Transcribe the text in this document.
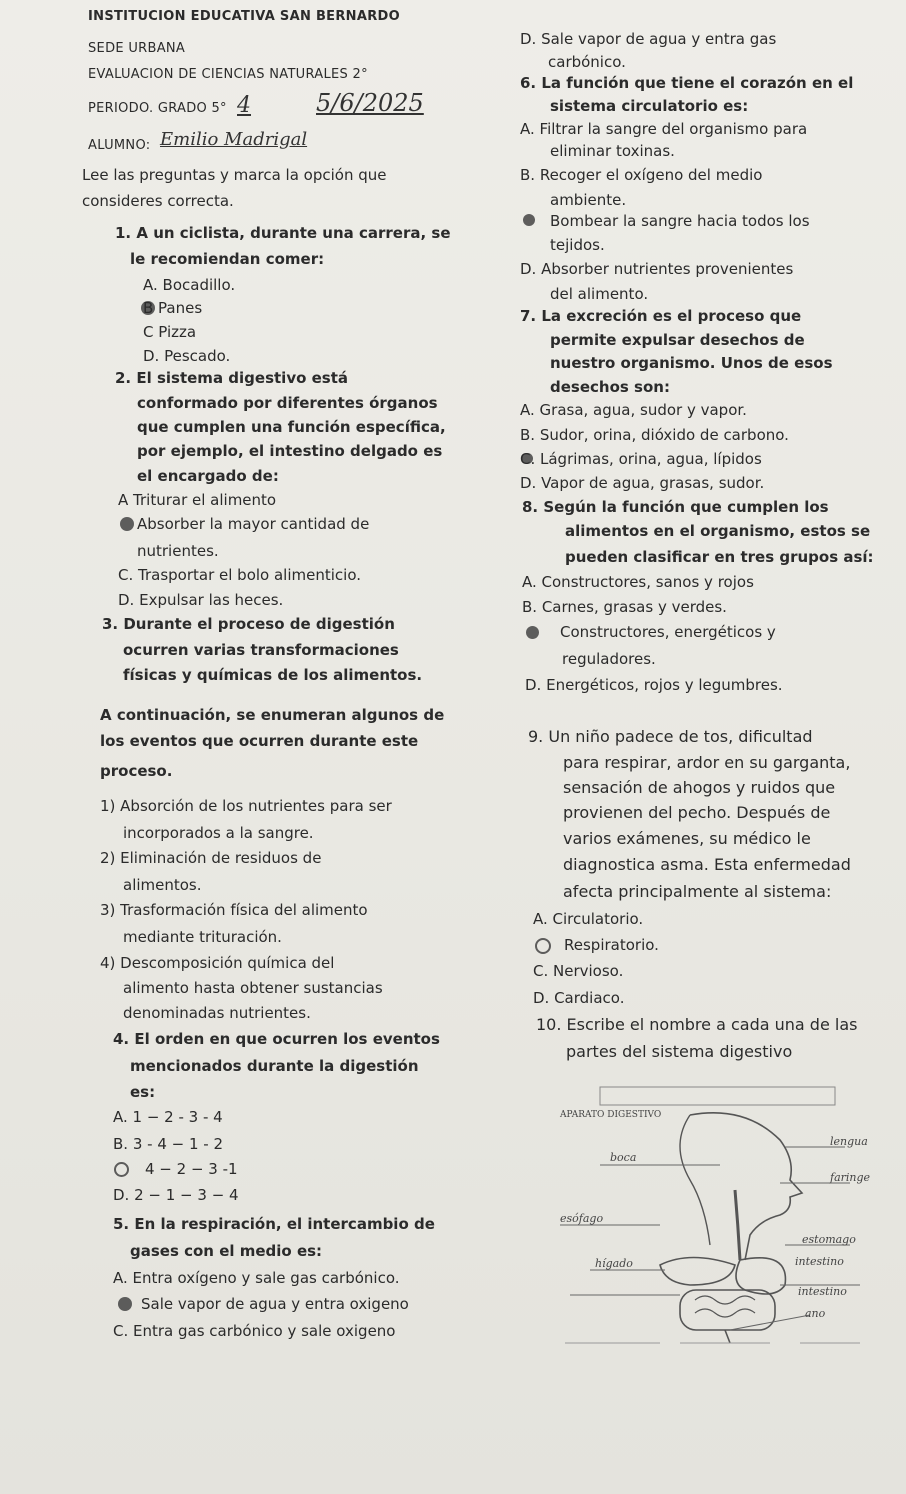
INSTITUCION EDUCATIVA SAN BERNARDO
SEDE URBANA
EVALUACION DE CIENCIAS NATURALES 2°
PERIODO. GRADO 5° 4	5/6/2025
ALUMNO: Emilio Madrigal
Lee las preguntas y marca la opción que
consideres correcta.
1. A un ciclista, durante una carrera, se
le recomiendan comer:
A. Bocadillo.
B Panes
C Pizza
D. Pescado.
2. El sistema digestivo está
conformado por diferentes órganos
que cumplen una función específica,
por ejemplo, el intestino delgado es
el encargado de:
A Triturar el alimento
Absorber la mayor cantidad de
nutrientes.
C. Trasportar el bolo alimenticio.
D. Expulsar las heces.
3. Durante el proceso de digestión
ocurren varias transformaciones
físicas y químicas de los alimentos.
A continuación, se enumeran algunos de
los eventos que ocurren durante este
proceso.
1) Absorción de los nutrientes para ser
incorporados a la sangre.
2) Eliminación de residuos de
alimentos.
3) Trasformación física del alimento
mediante trituración.
4) Descomposición química del
alimento hasta obtener sustancias
denominadas nutrientes.
4. El orden en que ocurren los eventos
mencionados durante la digestión
es:
A. 1 − 2 - 3 - 4
B. 3 - 4 − 1 - 2
4 − 2 − 3 -1
D. 2 − 1 − 3 − 4
5. En la respiración, el intercambio de
gases con el medio es:
A. Entra oxígeno y sale gas carbónico.
Sale vapor de agua y entra oxigeno
C. Entra gas carbónico y sale oxigeno
D. Sale vapor de agua y entra gas
carbónico.
6. La función que tiene el corazón en el
sistema circulatorio es:
A. Filtrar la sangre del organismo para
eliminar toxinas.
B. Recoger el oxígeno del medio
ambiente.
Bombear la sangre hacia todos los
tejidos.
D. Absorber nutrientes provenientes
del alimento.
7. La excreción es el proceso que
permite expulsar desechos de
nuestro organismo. Unos de esos
desechos son:
A. Grasa, agua, sudor y vapor.
B. Sudor, orina, dióxido de carbono.
C. Lágrimas, orina, agua, lípidos
D. Vapor de agua, grasas, sudor.
8. Según la función que cumplen los
alimentos en el organismo, estos se
pueden clasificar en tres grupos así:
A. Constructores, sanos y rojos
B. Carnes, grasas y verdes.
Constructores, energéticos y
reguladores.
D. Energéticos, rojos y legumbres.
9. Un niño padece de tos, dificultad
para respirar, ardor en su garganta,
sensación de ahogos y ruidos que
provienen del pecho. Después de
varios exámenes, su médico le
diagnostica asma. Esta enfermedad
afecta principalmente al sistema:
A. Circulatorio.
Respiratorio.
C. Nervioso.
D. Cardiaco.
10. Escribe el nombre a cada una de las
partes del sistema digestivo
APARATO DIGESTIVO
lengua
boca
faringe
esófago
estomago
hígado	intestino
intestino
ano
